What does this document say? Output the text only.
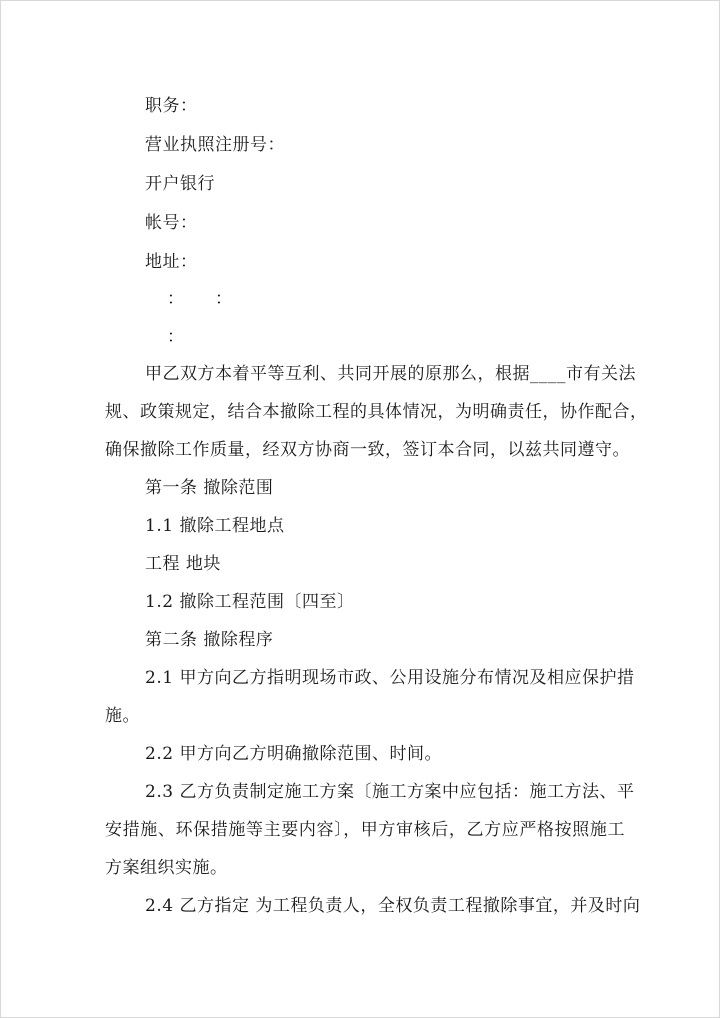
职务：
营业执照注册号：
开户银行
帐号：
地址：
： ：
：
甲乙双方本着平等互利、共同开展的原那么，根据____市有关法
规、政策规定，结合本撤除工程的具体情况，为明确责任，协作配合，
确保撤除工作质量，经双方协商一致，签订本合同，以兹共同遵守。
第一条 撤除范围
1.1 撤除工程地点
工程 地块
1.2 撤除工程范围〔四至〕
第二条 撤除程序
2.1 甲方向乙方指明现场市政、公用设施分布情况及相应保护措
施。
2.2 甲方向乙方明确撤除范围、时间。
2.3 乙方负责制定施工方案〔施工方案中应包括：施工方法、平
安措施、环保措施等主要内容〕，甲方审核后，乙方应严格按照施工
方案组织实施。
2.4 乙方指定 为工程负责人，全权负责工程撤除事宜，并及时向
